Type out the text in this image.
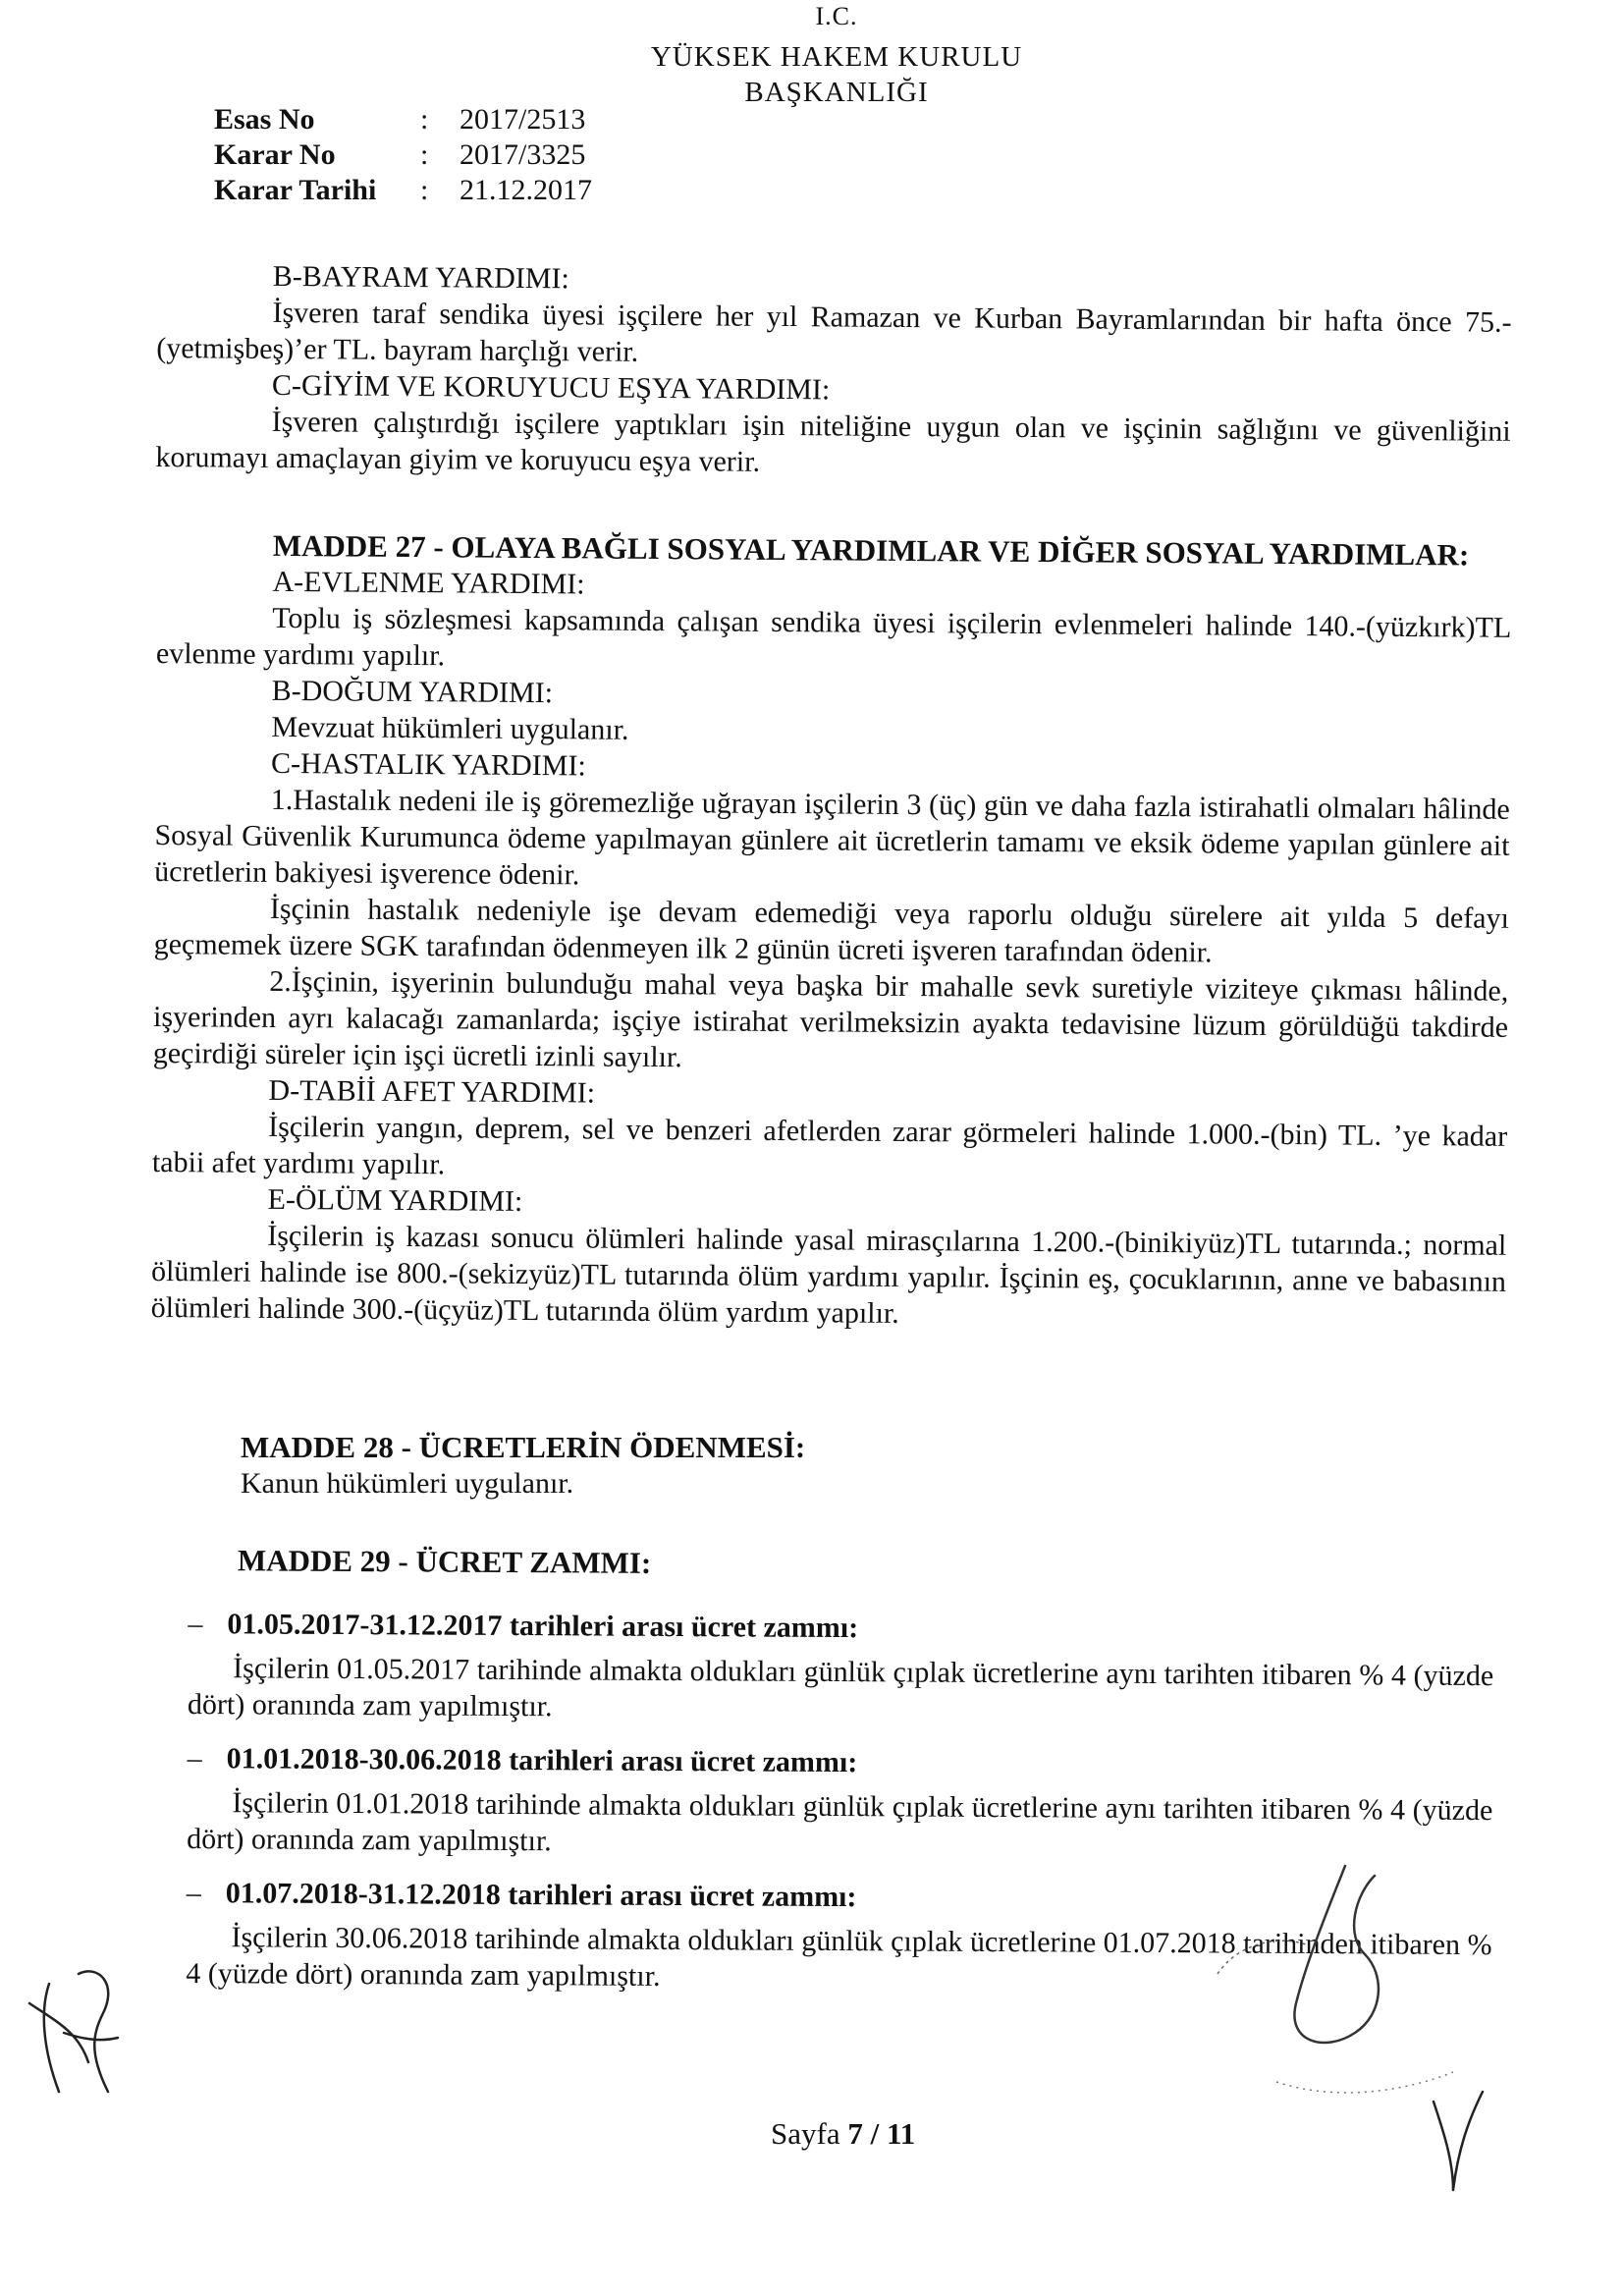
I.C.
YÜKSEK HAKEM KURULU
BAŞKANLIĞI
Esas No	: 2017/2513
Karar No	: 2017/3325
Karar Tarihi : 21.12.2017

B-BAYRAM YARDIMI:

İşveren taraf sendika üyesi işçilere her yıl Ramazan ve Kurban Bayramlarından bir hafta önce 75.-(yetmişbeş)’er TL. bayram harçlığı verir.

C-GİYİM VE KORUYUCU EŞYA YARDIMI:

İşveren çalıştırdığı işçilere yaptıkları işin niteliğine uygun olan ve işçinin sağlığını ve güvenliğini korumayı amaçlayan giyim ve koruyucu eşya verir.

MADDE 27 - OLAYA BAĞLI SOSYAL YARDIMLAR VE DİĞER SOSYAL YARDIMLAR:

A-EVLENME YARDIMI:

Toplu iş sözleşmesi kapsamında çalışan sendika üyesi işçilerin evlenmeleri halinde 140.-(yüzkırk)TL evlenme yardımı yapılır.

B-DOĞUM YARDIMI:

Mevzuat hükümleri uygulanır.

C-HASTALIK YARDIMI:

1.Hastalık nedeni ile iş göremezliğe uğrayan işçilerin 3 (üç) gün ve daha fazla istirahatli olmaları hâlinde Sosyal Güvenlik Kurumunca ödeme yapılmayan günlere ait ücretlerin tamamı ve eksik ödeme yapılan günlere ait ücretlerin bakiyesi işverence ödenir.

İşçinin hastalık nedeniyle işe devam edemediği veya raporlu olduğu sürelere ait yılda 5 defayı geçmemek üzere SGK tarafından ödenmeyen ilk 2 günün ücreti işveren tarafından ödenir.

2.İşçinin, işyerinin bulunduğu mahal veya başka bir mahalle sevk suretiyle viziteye çıkması hâlinde, işyerinden ayrı kalacağı zamanlarda; işçiye istirahat verilmeksizin ayakta tedavisine lüzum görüldüğü takdirde geçirdiği süreler için işçi ücretli izinli sayılır.

D-TABİİ AFET YARDIMI:

İşçilerin yangın, deprem, sel ve benzeri afetlerden zarar görmeleri halinde 1.000.-(bin) TL. ’ye kadar tabii afet yardımı yapılır.

E-ÖLÜM YARDIMI:

İşçilerin iş kazası sonucu ölümleri halinde yasal mirasçılarına 1.200.-(binikiyüz)TL tutarında.; normal ölümleri halinde ise 800.-(sekizyüz)TL tutarında ölüm yardımı yapılır. İşçinin eş, çocuklarının, anne ve babasının ölümleri halinde 300.-(üçyüz)TL tutarında ölüm yardım yapılır.

MADDE 28 - ÜCRETLERİN ÖDENMESİ:

Kanun hükümleri uygulanır.

MADDE 29 - ÜCRET ZAMMI:

– 01.05.2017-31.12.2017 tarihleri arası ücret zammı:

İşçilerin 01.05.2017 tarihinde almakta oldukları günlük çıplak ücretlerine aynı tarihten itibaren % 4 (yüzde dört) oranında zam yapılmıştır.

– 01.01.2018-30.06.2018 tarihleri arası ücret zammı:

İşçilerin 01.01.2018 tarihinde almakta oldukları günlük çıplak ücretlerine aynı tarihten itibaren % 4 (yüzde dört) oranında zam yapılmıştır.

– 01.07.2018-31.12.2018 tarihleri arası ücret zammı:

İşçilerin 30.06.2018 tarihinde almakta oldukları günlük çıplak ücretlerine 01.07.2018 tarihinden itibaren % 4 (yüzde dört) oranında zam yapılmıştır.

Sayfa 7 / 11
